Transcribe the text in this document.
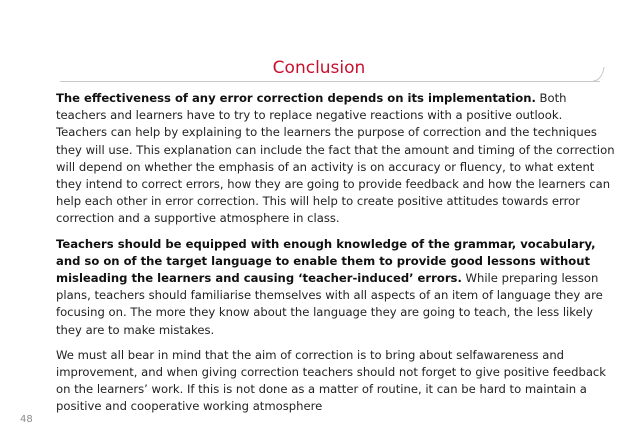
Conclusion

The effectiveness of any error correction depends on its implementation. Both teachers and learners have to try to replace negative reactions with a positive outlook. Teachers can help by explaining to the learners the purpose of correction and the techniques they will use. This explanation can include the fact that the amount and timing of the correction will depend on whether the emphasis of an activity is on accuracy or fluency, to what extent they intend to correct errors, how they are going to provide feedback and how the learners can help each other in error correction. This will help to create positive attitudes towards error correction and a supportive atmosphere in class.

Teachers should be equipped with enough knowledge of the grammar, vocabulary, and so on of the target language to enable them to provide good lessons without misleading the learners and causing ‘teacher-induced’ errors. While preparing lesson plans, teachers should familiarise themselves with all aspects of an item of language they are focusing on. The more they know about the language they are going to teach, the less likely they are to make mistakes.

We must all bear in mind that the aim of correction is to bring about selfawareness and improvement, and when giving correction teachers should not forget to give positive feedback on the learners’ work. If this is not done as a matter of routine, it can be hard to maintain a positive and cooperative working atmosphere

48
